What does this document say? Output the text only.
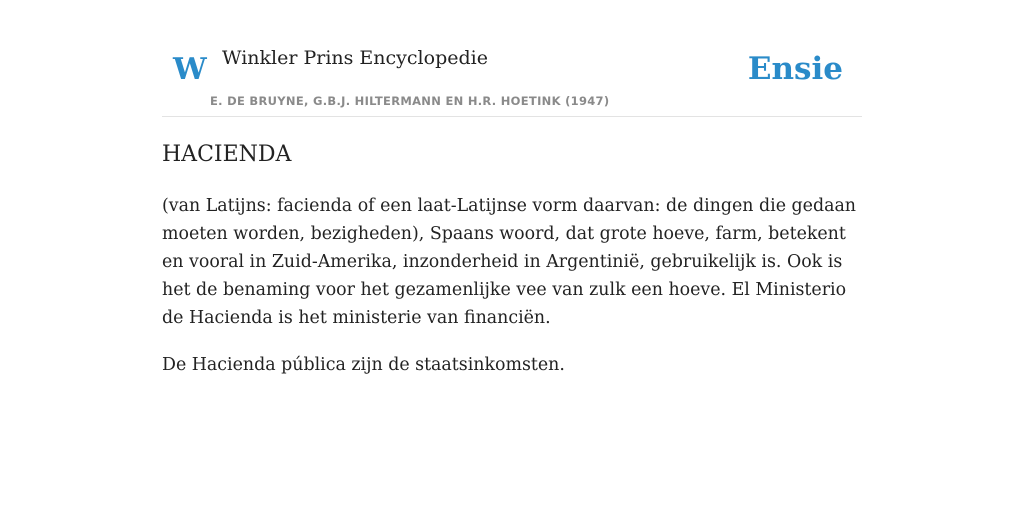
W Winkler Prins Encyclopedie
E. DE BRUYNE, G.B.J. HILTERMANN EN H.R. HOETINK (1947)
Ensie
HACIENDA

(van Latijns: facienda of een laat-Latijnse vorm daarvan: de dingen die gedaan moeten worden, bezigheden), Spaans woord, dat grote hoeve, farm, betekent en vooral in Zuid-Amerika, inzonderheid in Argentinië, gebruikelijk is. Ook is het de benaming voor het gezamenlijke vee van zulk een hoeve. El Ministerio de Hacienda is het ministerie van financiën.

De Hacienda pública zijn de staatsinkomsten.
